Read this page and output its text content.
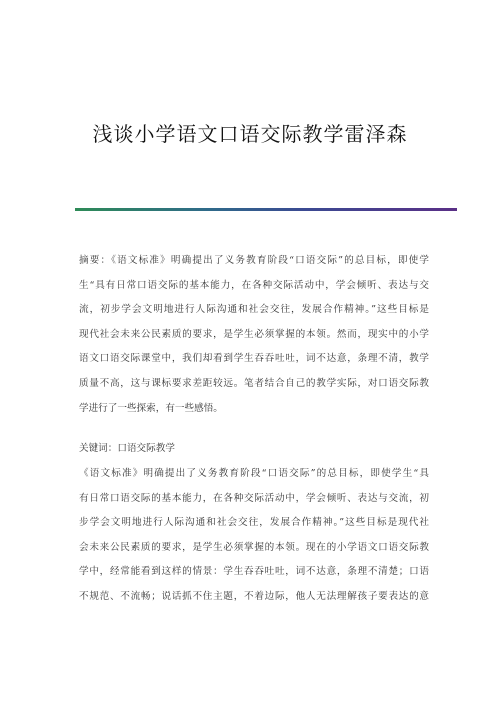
浅谈小学语文口语交际教学雷泽森
摘要：《语文标准》明确提出了义务教育阶段“口语交际”的总目标，即使学
生“具有日常口语交际的基本能力，在各种交际活动中，学会倾听、表达与交
流，初步学会文明地进行人际沟通和社会交往，发展合作精神。”这些目标是
现代社会未来公民素质的要求，是学生必须掌握的本领。然而，现实中的小学
语文口语交际课堂中，我们却看到学生吞吞吐吐，词不达意，条理不清，教学
质量不高，这与课标要求差距较远。笔者结合自己的教学实际，对口语交际教
学进行了一些探索，有一些感悟。
关键词：口语交际教学
《语文标准》明确提出了义务教育阶段“口语交际”的总目标，即使学生“具
有日常口语交际的基本能力，在各种交际活动中，学会倾听、表达与交流，初
步学会文明地进行人际沟通和社会交往，发展合作精神。”这些目标是现代社
会未来公民素质的要求，是学生必须掌握的本领。现在的小学语文口语交际教
学中，经常能看到这样的情景：学生吞吞吐吐，词不达意，条理不清楚；口语
不规范、不流畅；说话抓不住主题，不着边际，他人无法理解孩子要表达的意
